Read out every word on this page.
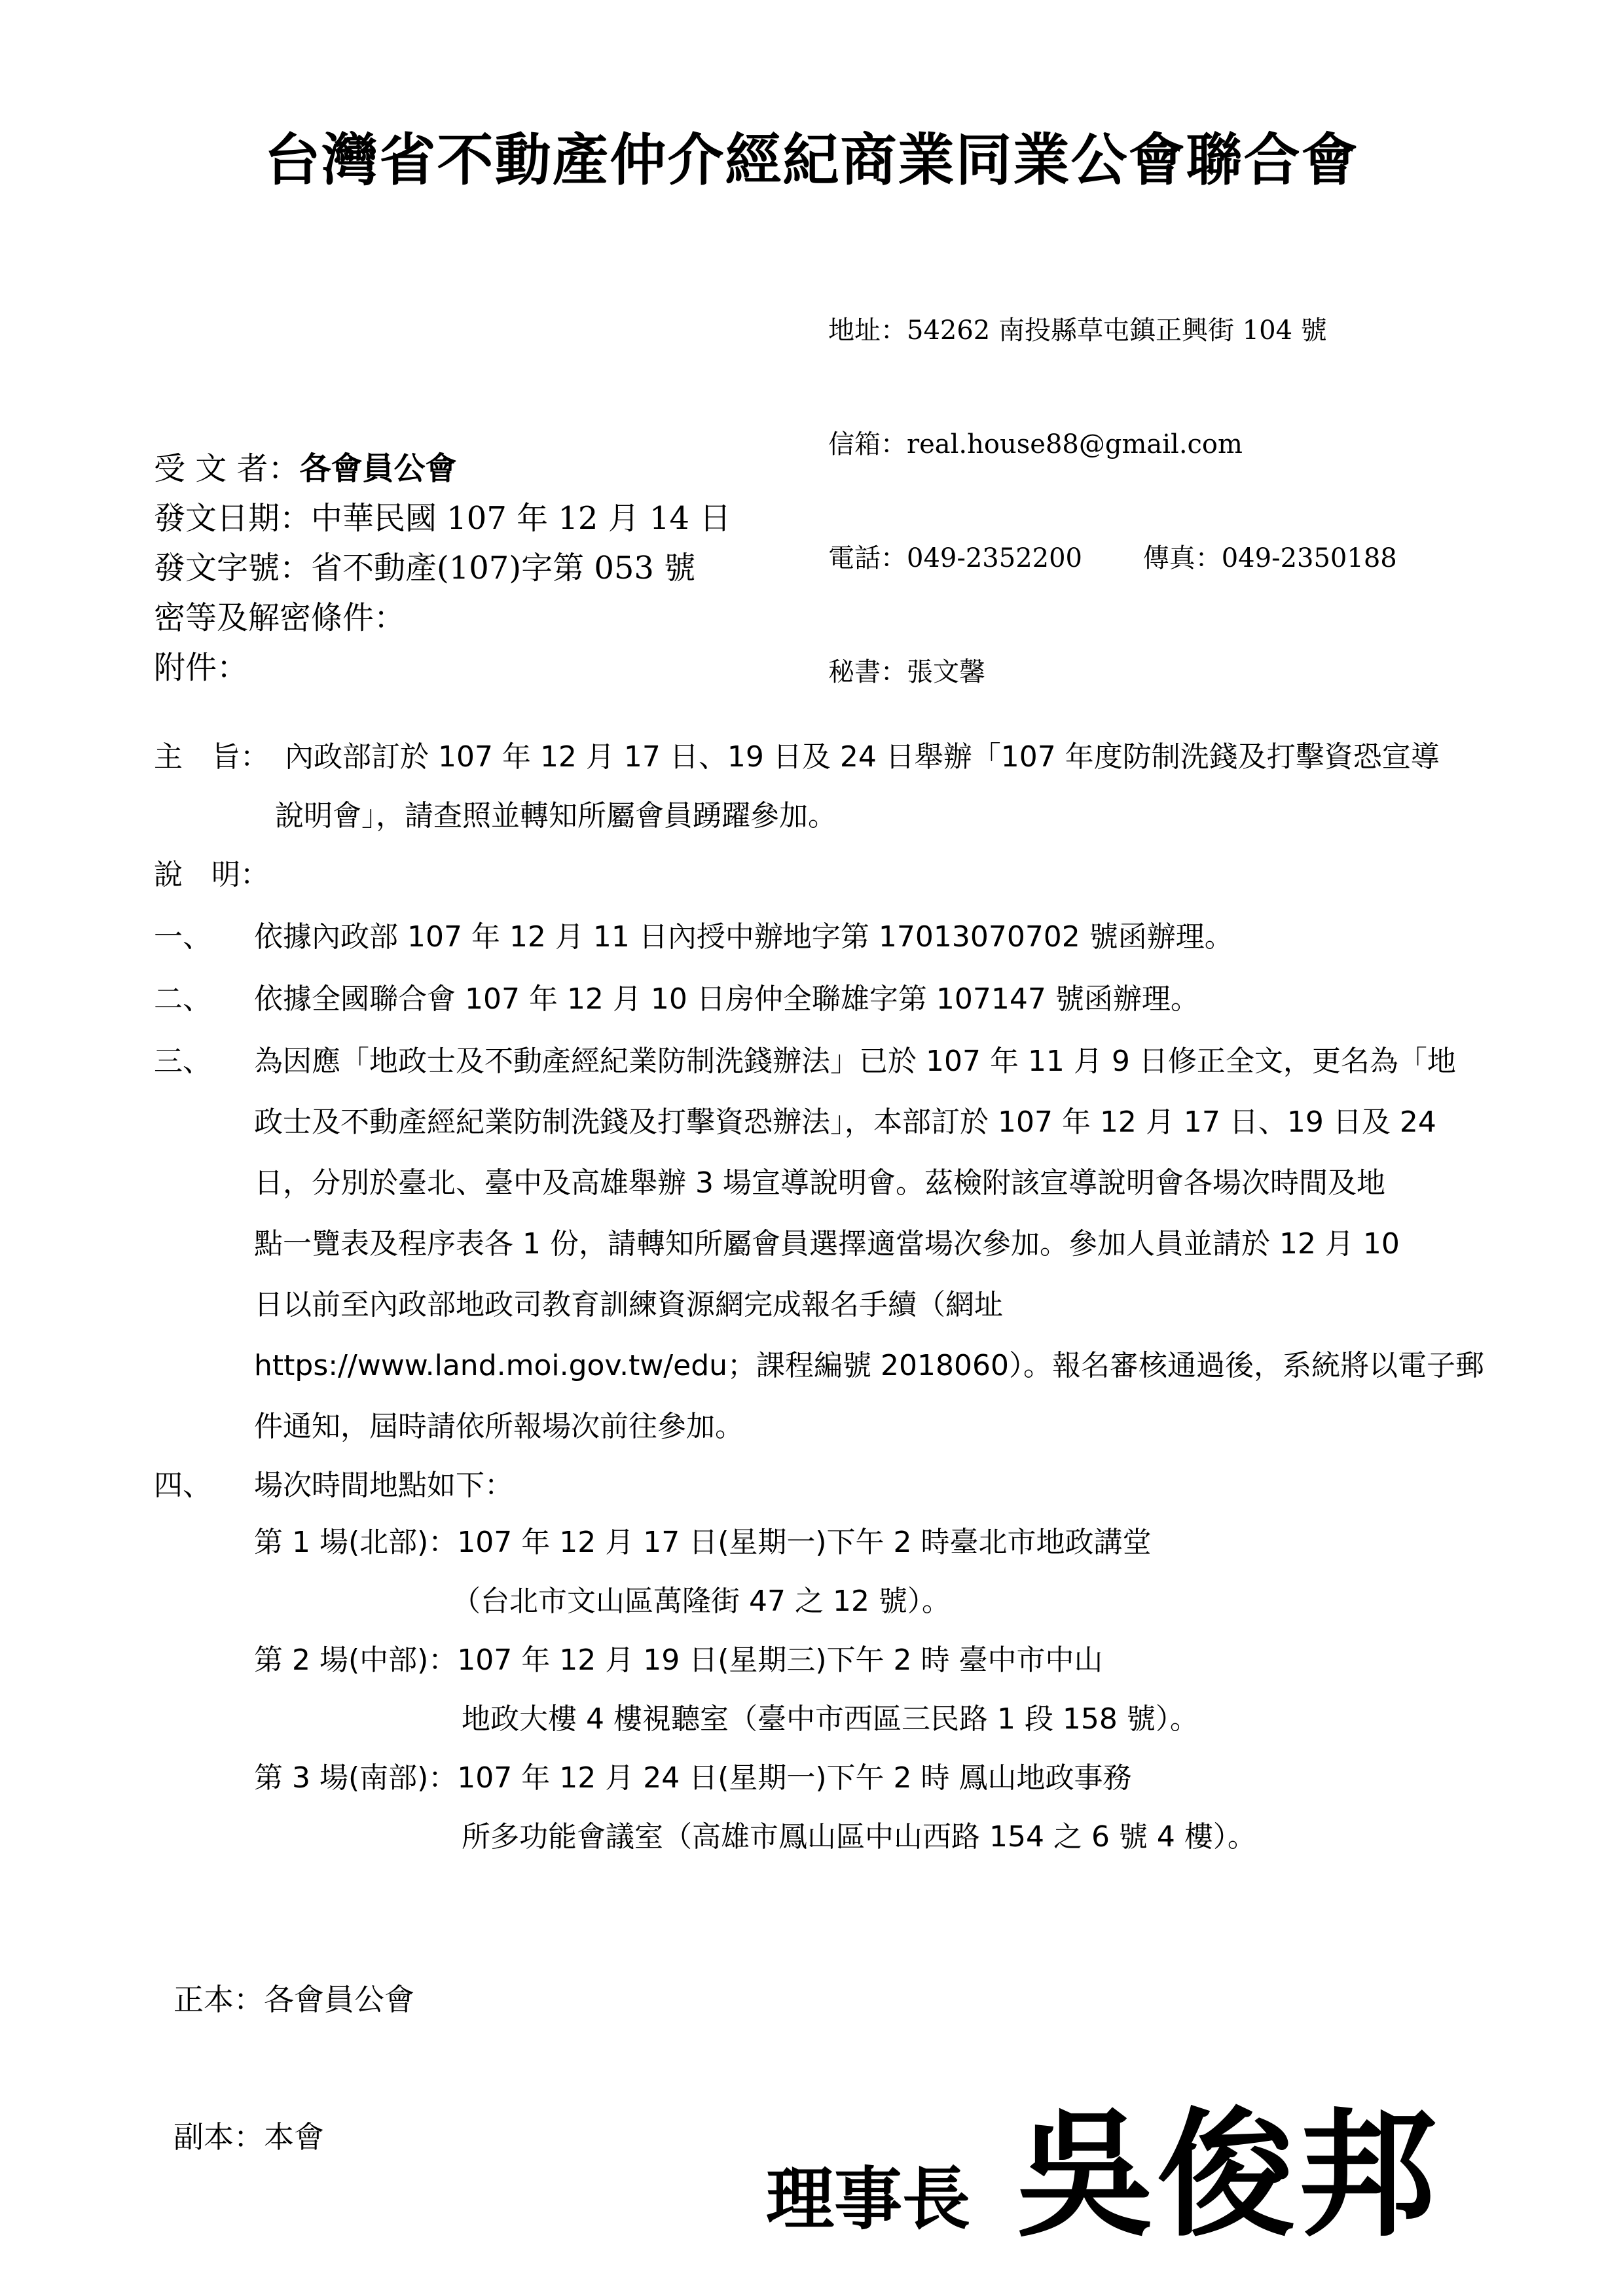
台灣省不動產仲介經紀商業同業公會聯合會

地址：54262 南投縣草屯鎮正興街 104 號

信箱：real.house88@gmail.com

電話：049-2352200　　 傳真：049-2350188

秘書：張文馨

受 文 者：各會員公會
發文日期：中華民國 107 年 12 月 14 日
發文字號：省不動產(107)字第 053 號
密等及解密條件：
附件：
主　旨： 內政部訂於 107 年 12 月 17 日、19 日及 24 日舉辦「107 年度防制洗錢及打擊資恐宣導
說明會」，請查照並轉知所屬會員踴躍參加。
說　明：
一、 依據內政部 107 年 12 月 11 日內授中辦地字第 17013070702 號函辦理。
二、 依據全國聯合會 107 年 12 月 10 日房仲全聯雄字第 107147 號函辦理。
三、 為因應「地政士及不動產經紀業防制洗錢辦法」已於 107 年 11 月 9 日修正全文，更名為「地
政士及不動產經紀業防制洗錢及打擊資恐辦法」，本部訂於 107 年 12 月 17 日、19 日及 24
日，分別於臺北、臺中及高雄舉辦 3 場宣導說明會。茲檢附該宣導說明會各場次時間及地
點一覽表及程序表各 1 份，請轉知所屬會員選擇適當場次參加。參加人員並請於 12 月 10
日以前至內政部地政司教育訓練資源網完成報名手續（網址
https://www.land.moi.gov.tw/edu；課程編號 2018060）。報名審核通過後，系統將以電子郵
件通知，屆時請依所報場次前往參加。
四、 場次時間地點如下：
第 1 場(北部)：107 年 12 月 17 日(星期一)下午 2 時臺北市地政講堂
（台北市文山區萬隆街 47 之 12 號）。
第 2 場(中部)：107 年 12 月 19 日(星期三)下午 2 時 臺中市中山
地政大樓 4 樓視聽室（臺中市西區三民路 1 段 158 號）。
第 3 場(南部)：107 年 12 月 24 日(星期一)下午 2 時 鳳山地政事務
所多功能會議室（高雄市鳳山區中山西路 154 之 6 號 4 樓）。

正本：各會員公會

副本：本會

理事長 吳俊邦
